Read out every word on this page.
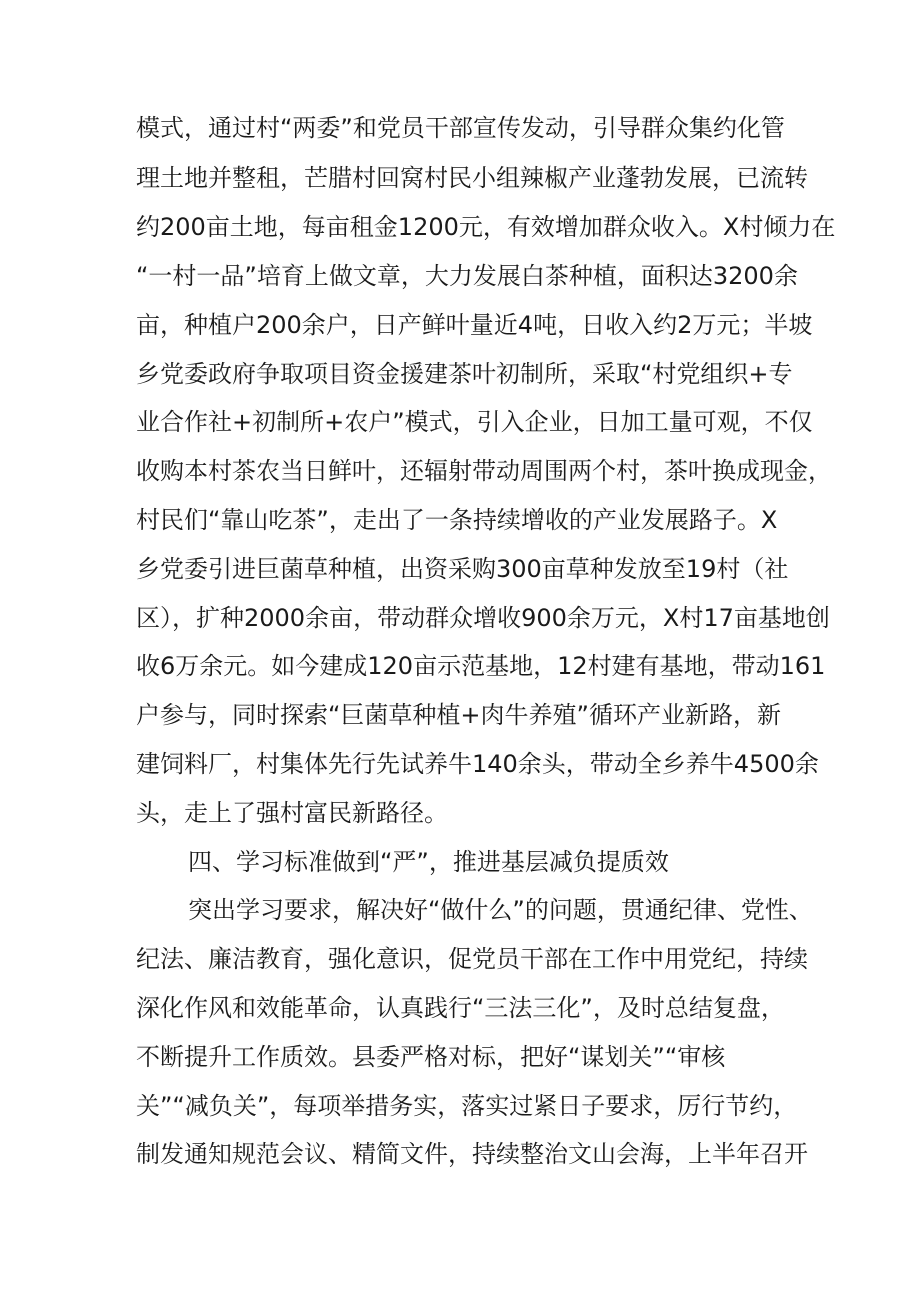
模式，通过村“两委”和党员干部宣传发动，引导群众集约化管

理土地并整租，芒腊村回窝村民小组辣椒产业蓬勃发展，已流转

约200亩土地，每亩租金1200元，有效增加群众收入。X村倾力在

“一村一品”培育上做文章，大力发展白茶种植，面积达3200余

亩，种植户200余户，日产鲜叶量近4吨，日收入约2万元；半坡

乡党委政府争取项目资金援建茶叶初制所，采取“村党组织+专

业合作社+初制所+农户”模式，引入企业，日加工量可观，不仅

收购本村茶农当日鲜叶，还辐射带动周围两个村，茶叶换成现金，

村民们“靠山吃茶”，走出了一条持续增收的产业发展路子。X

乡党委引进巨菌草种植，出资采购300亩草种发放至19村（社

区），扩种2000余亩，带动群众增收900余万元，X村17亩基地创

收6万余元。如今建成120亩示范基地，12村建有基地，带动161

户参与，同时探索“巨菌草种植+肉牛养殖”循环产业新路，新

建饲料厂，村集体先行先试养牛140余头，带动全乡养牛4500余

头，走上了强村富民新路径。

四、学习标准做到“严”，推进基层减负提质效

突出学习要求，解决好“做什么”的问题，贯通纪律、党性、

纪法、廉洁教育，强化意识，促党员干部在工作中用党纪，持续

深化作风和效能革命，认真践行“三法三化”，及时总结复盘，

不断提升工作质效。县委严格对标，把好“谋划关”“审核

关”“减负关”，每项举措务实，落实过紧日子要求，厉行节约，

制发通知规范会议、精简文件，持续整治文山会海，上半年召开
